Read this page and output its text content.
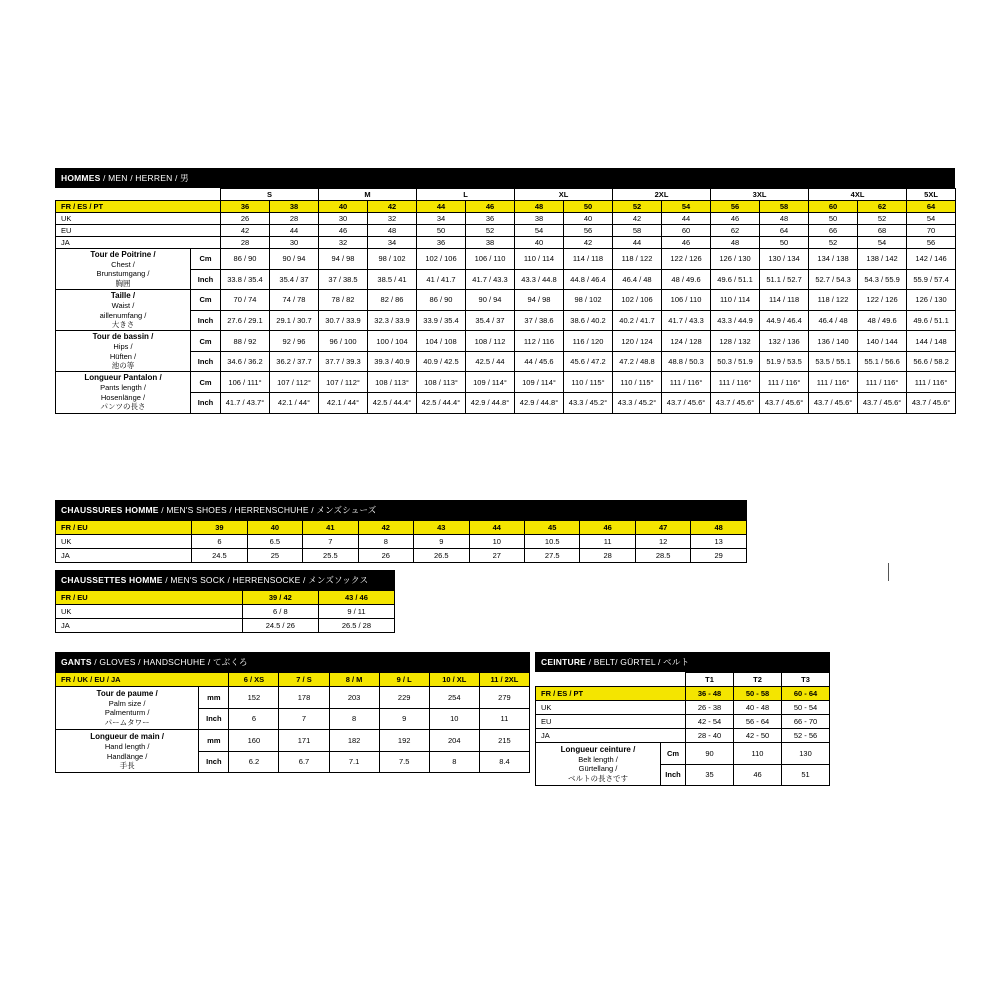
HOMMES / MEN / HERREN / 男
		S		M		L		XL		2XL		3XL		4XL		5XL
FR / ES / PT		36	38	40	42	44	46	48	50	52	54	56	58	60	62	64
UK		26	28	30	32	34	36	38	40	42	44	46	48	50	52	54
EU		42	44	46	48	50	52	54	56	58	60	62	64	66	68	70
JA		28	30	32	34	36	38	40	42	44	46	48	50	52	54	56
Tour de Poitrine /
Chest /
Brunstumgang /
胸囲	Cm	86 / 90	90 / 94	94 / 98	98 / 102	102 / 106	106 / 110	110 / 114	114 / 118	118 / 122	122 / 126	126 / 130	130 / 134	134 / 138	138 / 142	142 / 146
	Inch	33.8 / 35.4	35.4 / 37	37 / 38.5	38.5 / 41	41 / 41.7	41.7 / 43.3	43.3 / 44.8	44.8 / 46.4	46.4 / 48	48 / 49.6	49.6 / 51.1	51.1 / 52.7	52.7 / 54.3	54.3 / 55.9	55.9 / 57.4
Taille /
Waist /
aillenumfang /
大きさ	Cm	70 / 74	74 / 78	78 / 82	82 / 86	86 / 90	90 / 94	94 / 98	98 / 102	102 / 106	106 / 110	110 / 114	114 / 118	118 / 122	122 / 126	126 / 130
	Inch	27.6 / 29.1	29.1 / 30.7	30.7 / 33.9	32.3 / 33.9	33.9 / 35.4	35.4 / 37	37 / 38.6	38.6 / 40.2	40.2 / 41.7	41.7 / 43.3	43.3 / 44.9	44.9 / 46.4	46.4 / 48	48 / 49.6	49.6 / 51.1
Tour de bassin /
Hips /
Hüften /
池の等	Cm	88 / 92	92 / 96	96 / 100	100 / 104	104 / 108	108 / 112	112 / 116	116 / 120	120 / 124	124 / 128	128 / 132	132 / 136	136 / 140	140 / 144	144 / 148
	Inch	34.6 / 36.2	36.2 / 37.7	37.7 / 39.3	39.3 / 40.9	40.9 / 42.5	42.5 / 44	44 / 45.6	45.6 / 47.2	47.2 / 48.8	48.8 / 50.3	50.3 / 51.9	51.9 / 53.5	53.5 / 55.1	55.1 / 56.6	56.6 / 58.2
Longueur Pantalon /
Pants length /
Hosenlänge /
パンツの長さ	Cm	106 / 111°	107 / 112°	107 / 112°	108 / 113°	108 / 113°	109 / 114°	109 / 114°	110 / 115°	110 / 115°	111 / 116°	111 / 116°	111 / 116°	111 / 116°	111 / 116°	111 / 116°
	Inch	41.7 / 43.7°	42.1 / 44°	42.1 / 44°	42.5 / 44.4°	42.5 / 44.4°	42.9 / 44.8°	42.9 / 44.8°	43.3 / 45.2°	43.3 / 45.2°	43.7 / 45.6°	43.7 / 45.6°	43.7 / 45.6°	43.7 / 45.6°	43.7 / 45.6°	43.7 / 45.6°
CHAUSSURES HOMME / MEN'S SHOES / HERRENSCHUHE / メンズシューズ
FR / EU	39	40	41	42	43	44	45	46	47	48
UK	6	6.5	7	8	9	10	10.5	11	12	13
JA	24.5	25	25.5	26	26.5	27	27.5	28	28.5	29
CHAUSSETTES HOMME / MEN'S SOCK / HERRENSOCKE / メンズソックス
FR / EU	39 / 42	43 / 46
UK	6 / 8	9 / 11
JA	24.5 / 26	26.5 / 28
GANTS / GLOVES / HANDSCHUHE / てぶくろ
FR / UK / EU / JA		6 / XS	7 / S	8 / M	9 / L	10 / XL	11 / 2XL
Tour de paume /
Palm size /
Palmenturm /
パームタワー	mm	152	178	203	229	254	279
	Inch	6	7	8	9	10	11
Longueur de main /
Hand length /
Handlänge /
手長	mm	160	171	182	192	204	215
	Inch	6.2	6.7	7.1	7.5	8	8.4
CEINTURE / BELT/ GÜRTEL / ベルト
		T1	T2	T3
FR / ES / PT		36 - 48	50 - 58	60 - 64
UK		26 - 38	40 - 48	50 - 54
EU		42 - 54	56 - 64	66 - 70
JA		28 - 40	42 - 50	52 - 56
Longueur ceinture /
Belt length /
Gürtellang /
ベルトの長さです	Cm	90	110	130
	Inch	35	46	51
